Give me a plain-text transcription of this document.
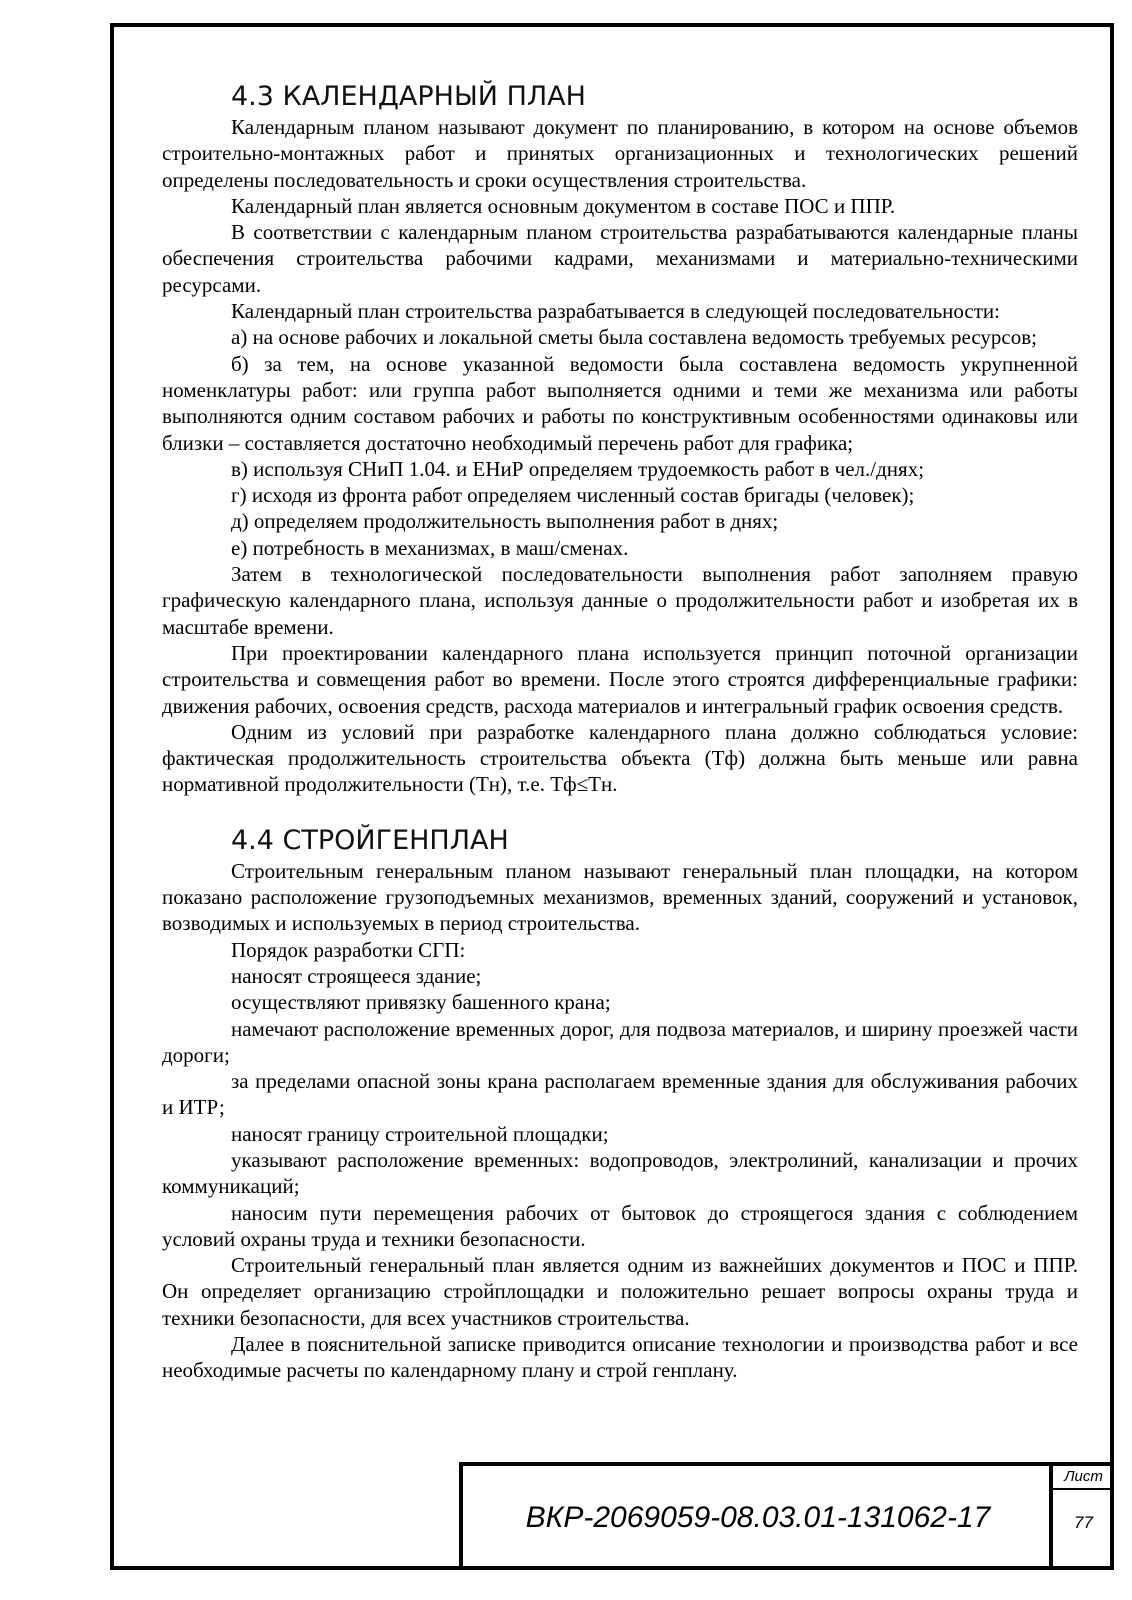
4.3 КАЛЕНДАРНЫЙ ПЛАН

Календарным планом называют документ по планированию, в котором на основе объемов строительно-монтажных работ и принятых организационных и технологических решений определены последовательность и сроки осуществления строительства.

Календарный план является основным документом в составе ПОС и ППР.

В соответствии с календарным планом строительства разрабатываются календарные планы обеспечения строительства рабочими кадрами, механизмами и материально-техническими ресурсами.

Календарный план строительства разрабатывается в следующей последовательности:

а) на основе рабочих и локальной сметы была составлена ведомость требуемых ресурсов;

б) за тем, на основе указанной ведомости была составлена ведомость укрупненной номенклатуры работ: или группа работ выполняется одними и теми же механизма или работы выполняются одним составом рабочих и работы по конструктивным особенностями одинаковы или близки – составляется достаточно необходимый перечень работ для графика;

в) используя СНиП 1.04. и ЕНиР определяем трудоемкость работ в чел./днях;

г) исходя из фронта работ определяем численный состав бригады (человек);

д) определяем продолжительность выполнения работ в днях;

е) потребность в механизмах, в маш/сменах.

Затем в технологической последовательности выполнения работ заполняем правую графическую календарного плана, используя данные о продолжительности работ и изобретая их в масштабе времени.

При проектировании календарного плана используется принцип поточной организации строительства и совмещения работ во времени. После этого строятся дифференциальные графики: движения рабочих, освоения средств, расхода материалов и интегральный график освоения средств.

Одним из условий при разработке календарного плана должно соблюдаться условие: фактическая продолжительность строительства объекта (Тф) должна быть меньше или равна нормативной продолжительности (Тн), т.е. Тф≤Тн.

4.4 СТРОЙГЕНПЛАН

Строительным генеральным планом называют генеральный план площадки, на котором показано расположение грузоподъемных механизмов, временных зданий, сооружений и установок, возводимых и используемых в период строительства.

Порядок разработки СГП:

наносят строящееся здание;

осуществляют привязку башенного крана;

намечают расположение временных дорог, для подвоза материалов, и ширину проезжей части дороги;

за пределами опасной зоны крана располагаем временные здания для обслуживания рабочих и ИТР;

наносят границу строительной площадки;

указывают расположение временных: водопроводов, электролиний, канализации и прочих коммуникаций;

наносим пути перемещения рабочих от бытовок до строящегося здания с соблюдением условий охраны труда и техники безопасности.

Строительный генеральный план является одним из важнейших документов и ПОС и ППР. Он определяет организацию стройплощадки и положительно решает вопросы охраны труда и техники безопасности, для всех участников строительства.

Далее в пояснительной записке приводится описание технологии и производства работ и все необходимые расчеты по календарному плану и строй генплану.

ВКР-2069059-08.03.01-131062-17
Лист
77
